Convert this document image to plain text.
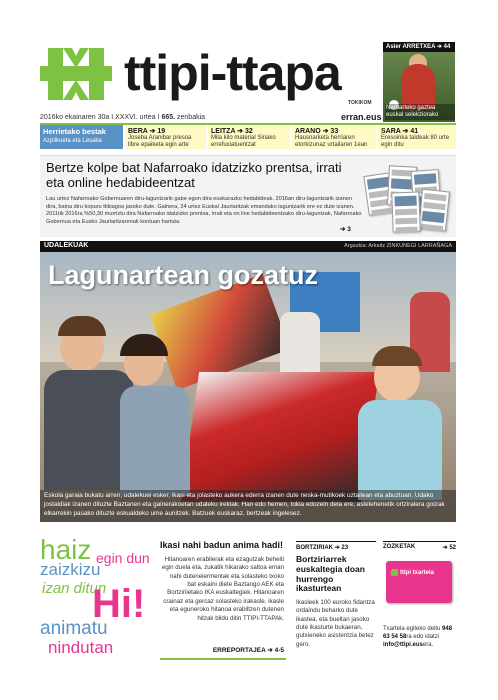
ttipi-ttapa
TOKIKOM
erran.eus
Asier ARRETXEA ➔ 44
Narbarteko gaztea euskal selekziorako
2016ko ekainaren 30a I XXXVI. urtea I 665. zenbakia
Herrietako bestak
Azpilkueta eta Lesaka
BERA ➔ 19
Joseba Aranibar presoa libre epaiketa egin arte
LEITZA ➔ 32
Mila kilo material Siriako errefuxiatuentzat
ARANO ➔ 33
Hausnarketa herriaren etorkizunaz urtailaren 1ean
SARA ➔ 41
Eresoinka taldeak 80 urte egin ditu
Bertze kolpe bat Nafarroako idatzizko prentsa, irrati eta online hedabideentzat
Lau urtez Nafarroako Gobernuaren diru-laguntzarik gabe egon dira euskarazko hedabideak. 2016an diru-laguntzarik izanen dira, baina diru kopuru ttikiagoa jasoko dute. Gainera, 24 urtez Euskal Jaurlaritzak emandako laguntzarik ere ez dute izanen. 2011tik 2016ra %50,30 murriztu dira Nafarroako idatzizko prentsa, irrati eta on line hedabideentzako diru-laguntzak, Nafarroako Gobernua eta Eusko Jaurlaritzarenak kontuan hartuta.
➔ 3
UDALEKUAK	Argazkia: Arkaitz ZINKUNEGI LARRAÑAGA
Lagunartean gozatuz
Eskola garaia bukatu arren, udalekuei esker, ikasi eta jolasteko aukera ederra izanen dute neska-mutikoek uztailean eta abuztuan. Udako jostaldiak izanen dituzte Baztanen eta gainerakoetan udaleku ireklak. Han edo hemen, tokia edozein dela ere, astelehenetik ortziralera goizak elkarrekin pasako dituzte eskualdeko ume aunitzek. Batzuek euskaraz, bertzeak ingelesez.
haiz egin dun
zaizkizu
izan ditun
Hi!
animatu
nindutan
Ikasi nahi badun anima hadi!
Hitanoaren erabilerak eta ezagutzak beheiti egin duela eta, zukatik hikarako saltoa eman nahi duteneiermentak eta solasteko txoko bat eskaini diete Baztango AEK eta Bortziriietako IKA euskaltegiek. Hitanoaren crainaz eta gercaz solasteko irakasle, ikasle eta eguneroko hitanoa erabiltzen dutenen hitzak bildu ditin TTIPI-TTAPAk.
ERREPORTAJEA ➔ 4-5
BORTZIRIAK ➔ 23
Bortziriarrek euskaltegia doan hurrengo ikasturtean
Ikasleek 100 euroko fidantza ordaindu beharko dute ikastea, eta bueltan jasoko dute ikasturte bukaeran, gutxieneko asistentzia betez gero.
ZOZKETAK	➔ 52
ttipi txartela
Txartela egiteko deitu 948 63 54 58ra edo idatzi info@ttipi.eusera.
